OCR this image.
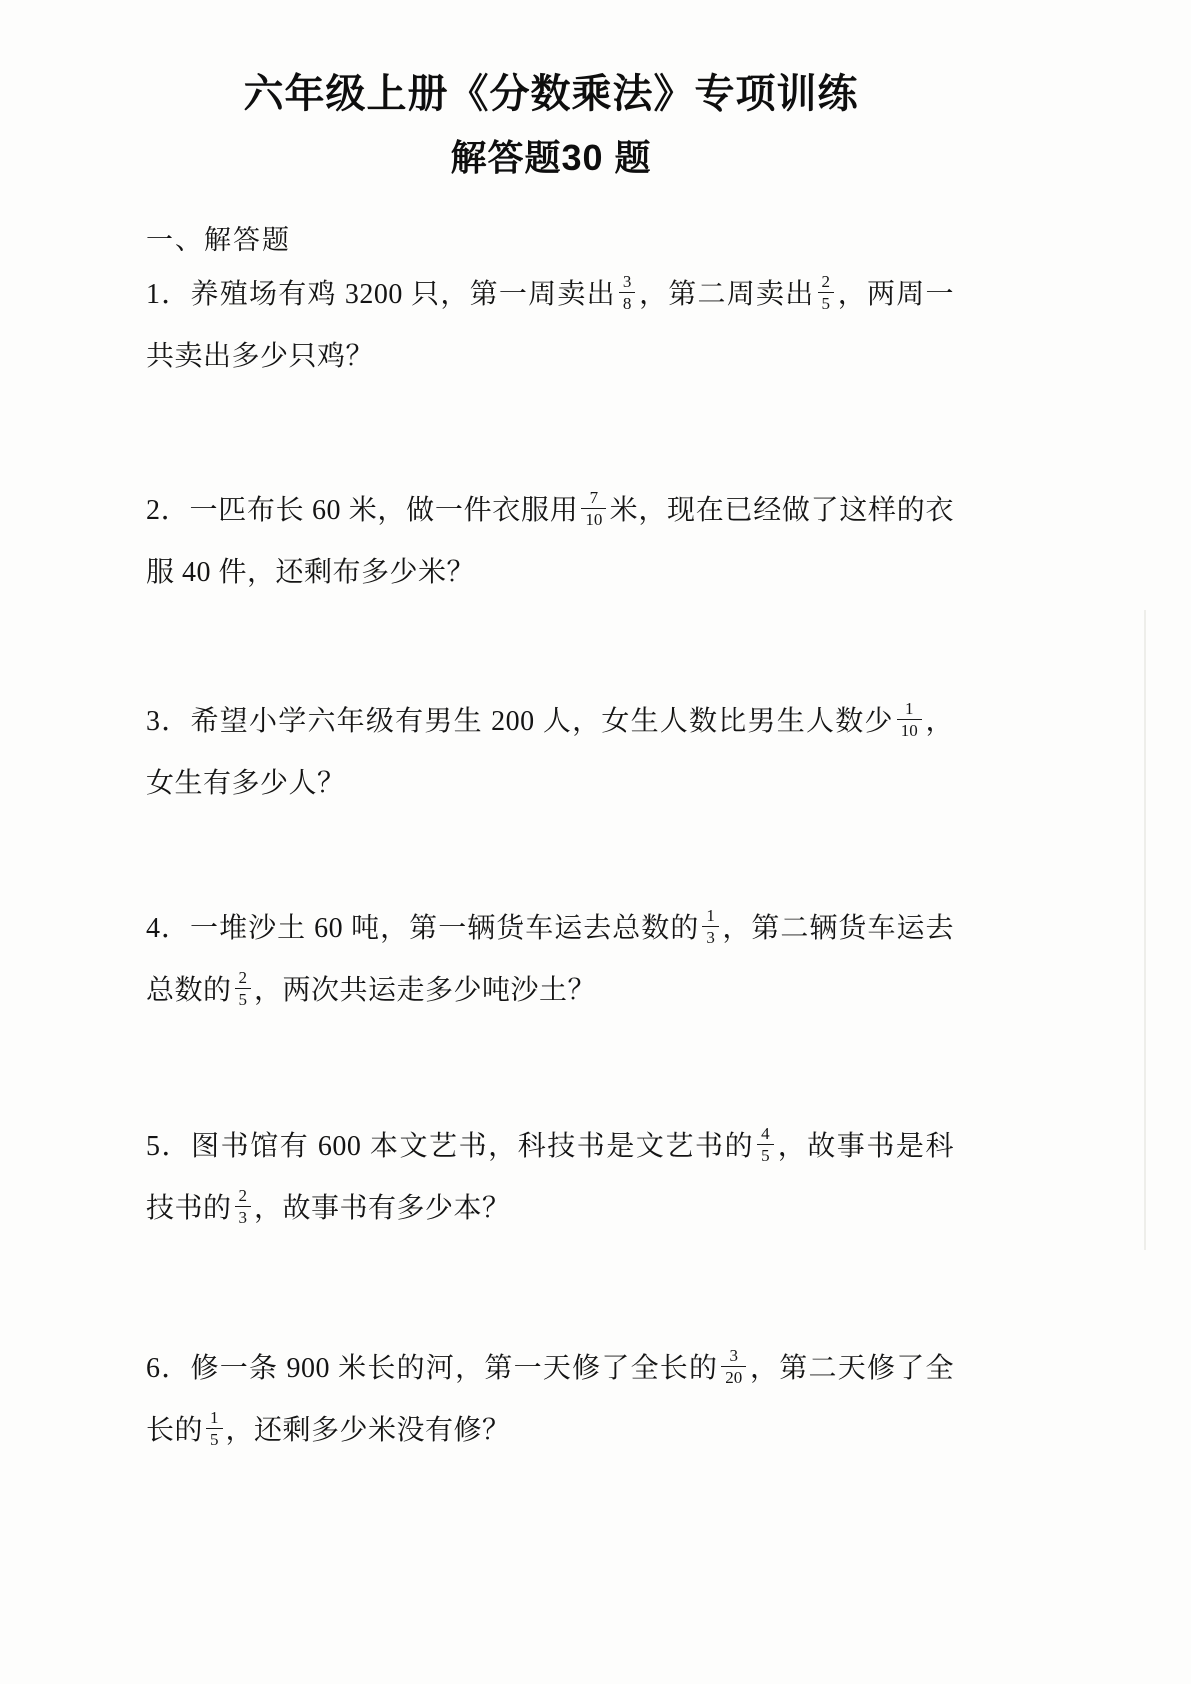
六年级上册《分数乘法》专项训练
解答题30 题
一、解答题
1．养殖场有鸡 3200 只，第一周卖出 $\frac{3}{8}$ ，第二周卖出 $\frac{2}{5}$ ，两周一共卖出多少只鸡？
2．一匹布长 60 米，做一件衣服用 $\frac{7}{10}$ 米，现在已经做了这样的衣服 40 件，还剩布多少米？
3．希望小学六年级有男生 200 人，女生人数比男生人数少 $\frac{1}{10}$ ，女生有多少人？
4．一堆沙土 60 吨，第一辆货车运去总数的 $\frac{1}{3}$ ，第二辆货车运去总数的 $\frac{2}{5}$ ，两次共运走多少吨沙土？
5．图书馆有 600 本文艺书，科技书是文艺书的 $\frac{4}{5}$ ，故事书是科技书的 $\frac{2}{3}$ ，故事书有多少本？
6．修一条 900 米长的河，第一天修了全长的 $\frac{3}{20}$ ，第二天修了全长的 $\frac{1}{5}$ ，还剩多少米没有修？
